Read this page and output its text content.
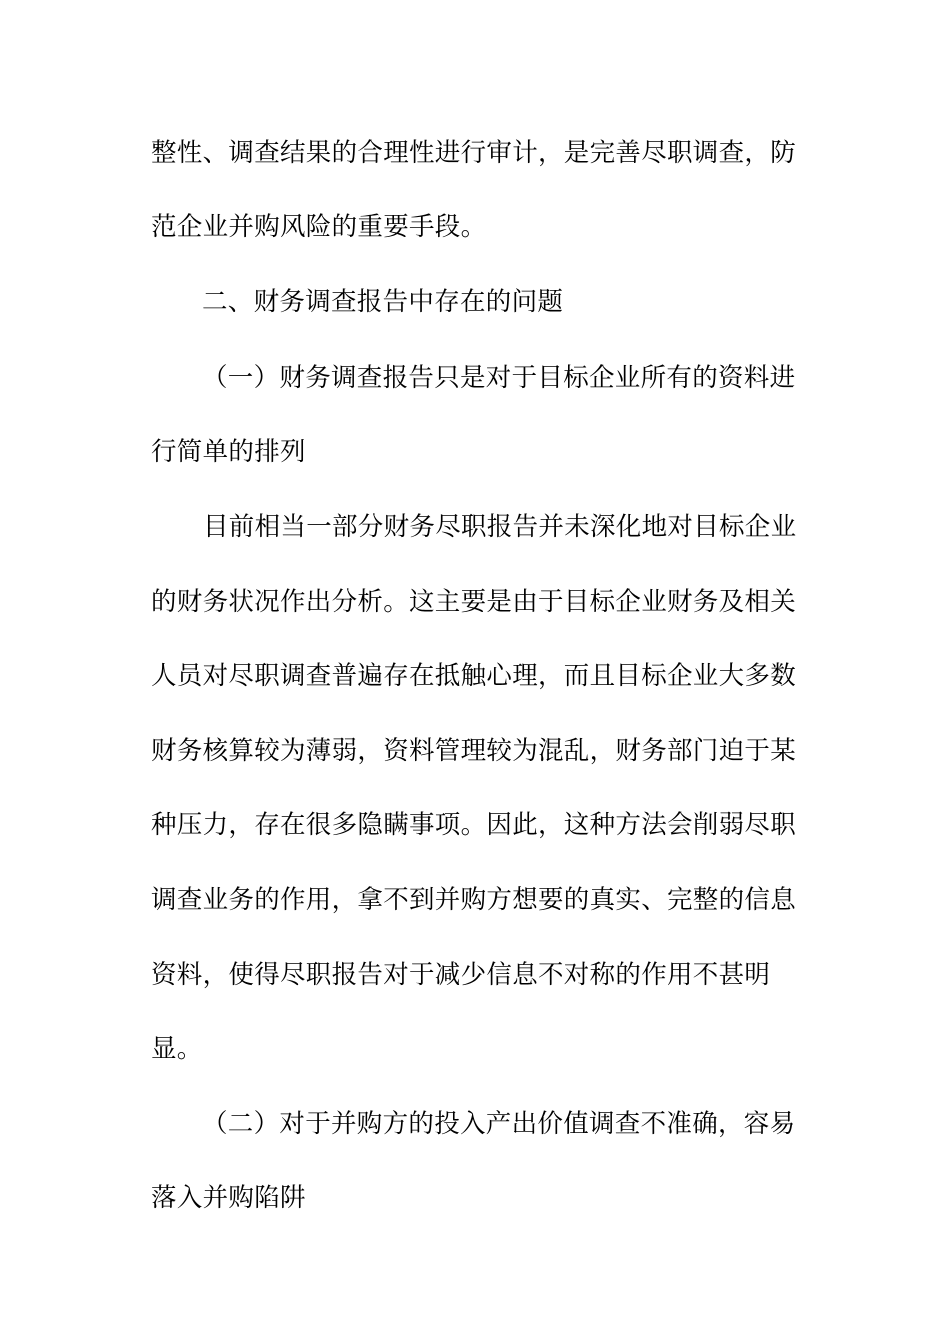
整性、调查结果的合理性进行审计，是完善尽职调查，防
范企业并购风险的重要手段。
二、财务调查报告中存在的问题
（一）财务调查报告只是对于目标企业所有的资料进
行简单的排列
目前相当一部分财务尽职报告并未深化地对目标企业
的财务状况作出分析。这主要是由于目标企业财务及相关
人员对尽职调查普遍存在抵触心理，而且目标企业大多数
财务核算较为薄弱，资料管理较为混乱，财务部门迫于某
种压力，存在很多隐瞒事项。因此，这种方法会削弱尽职
调查业务的作用，拿不到并购方想要的真实、完整的信息
资料，使得尽职报告对于减少信息不对称的作用不甚明
显。
（二）对于并购方的投入产出价值调查不准确，容易
落入并购陷阱
